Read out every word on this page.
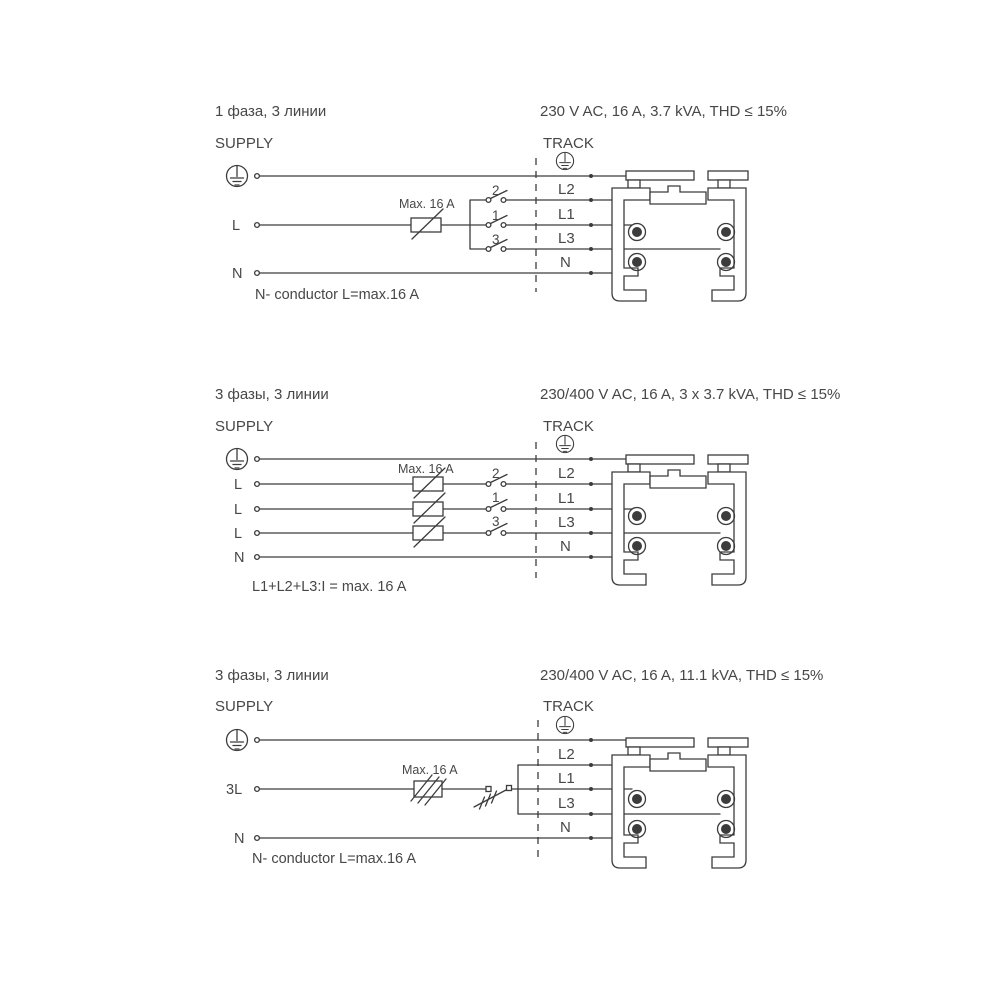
1 фаза, 3 линии	230 V AC, 16 A, 3.7 kVA, THD ≤ 15%
SUPPLY	TRACK
Max. 16 A
2
1
3
L
N
L2
L1
L3
N
N- conductor L=max.16 A
3 фазы, 3 линии	230/400 V AC, 16 A, 3 x 3.7 kVA, THD ≤ 15%
SUPPLY	TRACK
Max. 16 A	2
1
3
L
L
L
N
L2
L1
L3
N
L1+L2+L3:I = max. 16 A
3 фазы, 3 линии	230/400 V AC, 16 A, 11.1 kVA, THD ≤ 15%
SUPPLY	TRACK
Max. 16 A
3L
N
L2
L1
L3
N
N- conductor L=max.16 A
